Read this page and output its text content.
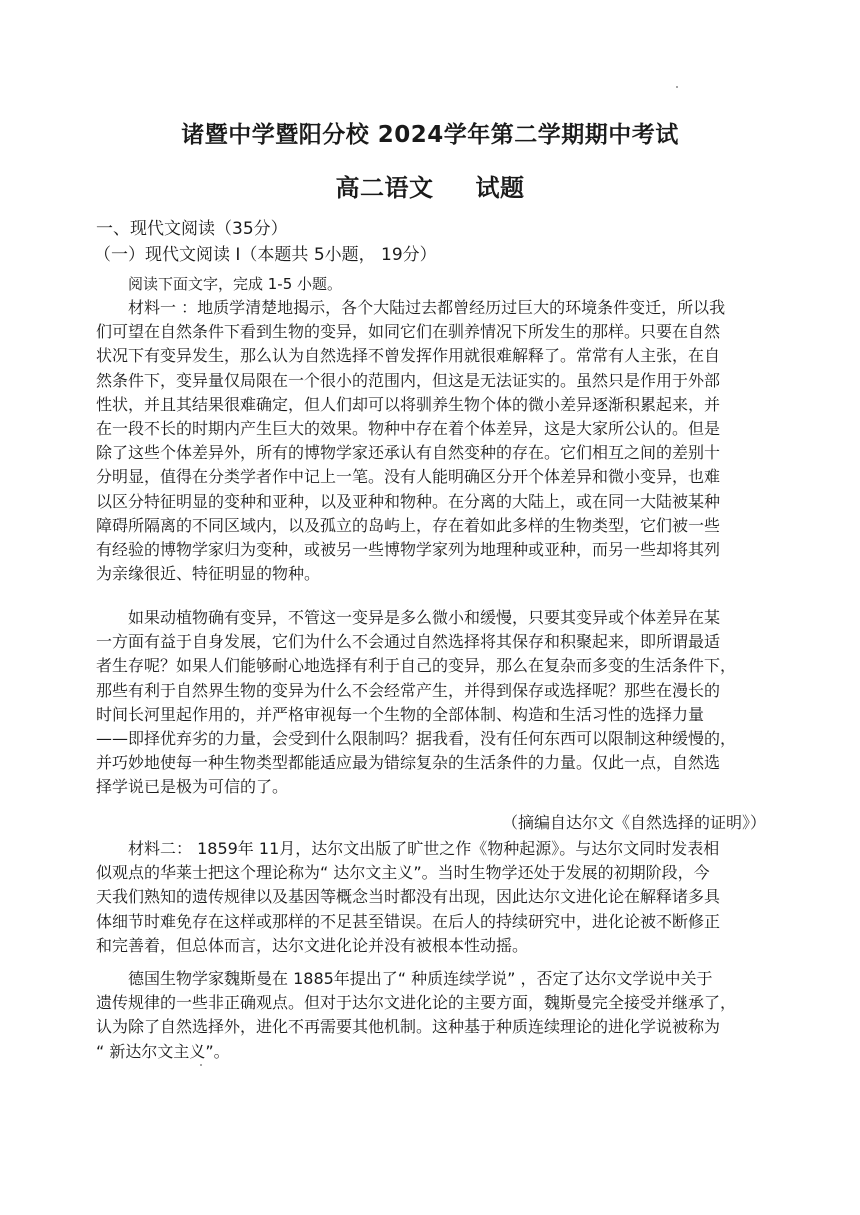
诸暨中学暨阳分校 2024学年第二学期期中考试
高二语文 试题
一、现代文阅读（35分）
（一）现代文阅读 I（本题共 5小题， 19分）
阅读下面文字，完成 1-5 小题。
材料一 ：地质学清楚地揭示，各个大陆过去都曾经历过巨大的环境条件变迁，所以我
们可望在自然条件下看到生物的变异，如同它们在驯养情况下所发生的那样。只要在自然
状况下有变异发生，那么认为自然选择不曾发挥作用就很难解释了。常常有人主张，在自
然条件下，变异量仅局限在一个很小的范围内，但这是无法证实的。虽然只是作用于外部
性状，并且其结果很难确定，但人们却可以将驯养生物个体的微小差异逐渐积累起来，并
在一段不长的时期内产生巨大的效果。物种中存在着个体差异，这是大家所公认的。但是
除了这些个体差异外，所有的博物学家还承认有自然变种的存在。它们相互之间的差别十
分明显，值得在分类学者作中记上一笔。没有人能明确区分开个体差异和微小变异，也难
以区分特征明显的变种和亚种，以及亚种和物种。在分离的大陆上，或在同一大陆被某种
障碍所隔离的不同区域内，以及孤立的岛屿上，存在着如此多样的生物类型，它们被一些
有经验的博物学家归为变种，或被另一些博物学家列为地理种或亚种，而另一些却将其列
为亲缘很近、特征明显的物种。
如果动植物确有变异，不管这一变异是多么微小和缓慢，只要其变异或个体差异在某
一方面有益于自身发展，它们为什么不会通过自然选择将其保存和积聚起来，即所谓最适
者生存呢？如果人们能够耐心地选择有利于自己的变异，那么在复杂而多变的生活条件下，
那些有利于自然界生物的变异为什么不会经常产生，并得到保存或选择呢？那些在漫长的
时间长河里起作用的，并严格审视每一个生物的全部体制、构造和生活习性的选择力量
——即择优弃劣的力量，会受到什么限制吗？据我看，没有任何东西可以限制这种缓慢的，
并巧妙地使每一种生物类型都能适应最为错综复杂的生活条件的力量。仅此一点，自然选
择学说已是极为可信的了。
（摘编自达尔文《自然选择的证明》）
材料二： 1859年 11月，达尔文出版了旷世之作《物种起源》。与达尔文同时发表相
似观点的华莱士把这个理论称为“ 达尔文主义”。当时生物学还处于发展的初期阶段，今
天我们熟知的遗传规律以及基因等概念当时都没有出现，因此达尔文进化论在解释诸多具
体细节时难免存在这样或那样的不足甚至错误。在后人的持续研究中，进化论被不断修正
和完善着，但总体而言，达尔文进化论并没有被根本性动摇。
德国生物学家魏斯曼在 1885年提出了“ 种质连续学说” ，否定了达尔文学说中关于
遗传规律的一些非正确观点。但对于达尔文进化论的主要方面，魏斯曼完全接受并继承了，
认为除了自然选择外，进化不再需要其他机制。这种基于种质连续理论的进化学说被称为
“ 新达尔文主义”。
